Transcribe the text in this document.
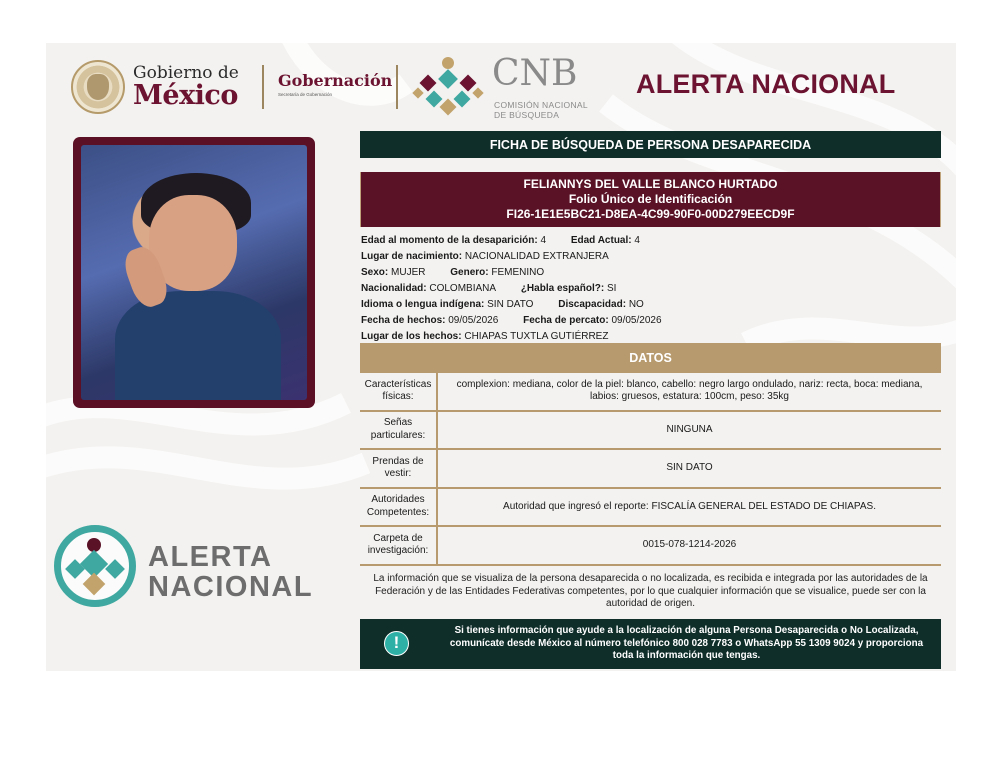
Gobierno de
México	Gobernación
Secretaría de Gobernación
CNB
COMISIÓN NACIONAL
DE BÚSQUEDA
ALERTA NACIONAL
ALERTA
NACIONAL
FICHA DE BÚSQUEDA DE PERSONA DESAPARECIDA
FELIANNYS DEL VALLE BLANCO HURTADO
Folio Único de Identificación
FI26-1E1E5BC21-D8EA-4C99-90F0-00D279EECD9F
Edad al momento de la desaparición: 4 Edad Actual: 4
Lugar de nacimiento: NACIONALIDAD EXTRANJERA
Sexo: MUJER Genero: FEMENINO
Nacionalidad: COLOMBIANA ¿Habla español?: SI
Idioma o lengua indígena: SIN DATO Discapacidad: NO
Fecha de hechos: 09/05/2026 Fecha de percato: 09/05/2026
Lugar de los hechos: CHIAPAS TUXTLA GUTIÉRREZ
DATOS
Características físicas:
complexion: mediana, color de la piel: blanco, cabello: negro largo ondulado, nariz: recta, boca: mediana, labios: gruesos, estatura: 100cm, peso: 35kg
Señas particulares:
NINGUNA
Prendas de vestir:
SIN DATO
Autoridades Competentes:
Autoridad que ingresó el reporte: FISCALÍA GENERAL DEL ESTADO DE CHIAPAS.
Carpeta de investigación:
0015-078-1214-2026
La información que se visualiza de la persona desaparecida o no localizada, es recibida e integrada por las autoridades de la Federación y de las Entidades Federativas competentes, por lo que cualquier información que se visualice, puede ser con la autoridad de origen.
!
Si tienes información que ayude a la localización de alguna Persona Desaparecida o No Localizada, comunícate desde México al número telefónico 800 028 7783 o WhatsApp 55 1309 9024 y proporciona toda la información que tengas.
